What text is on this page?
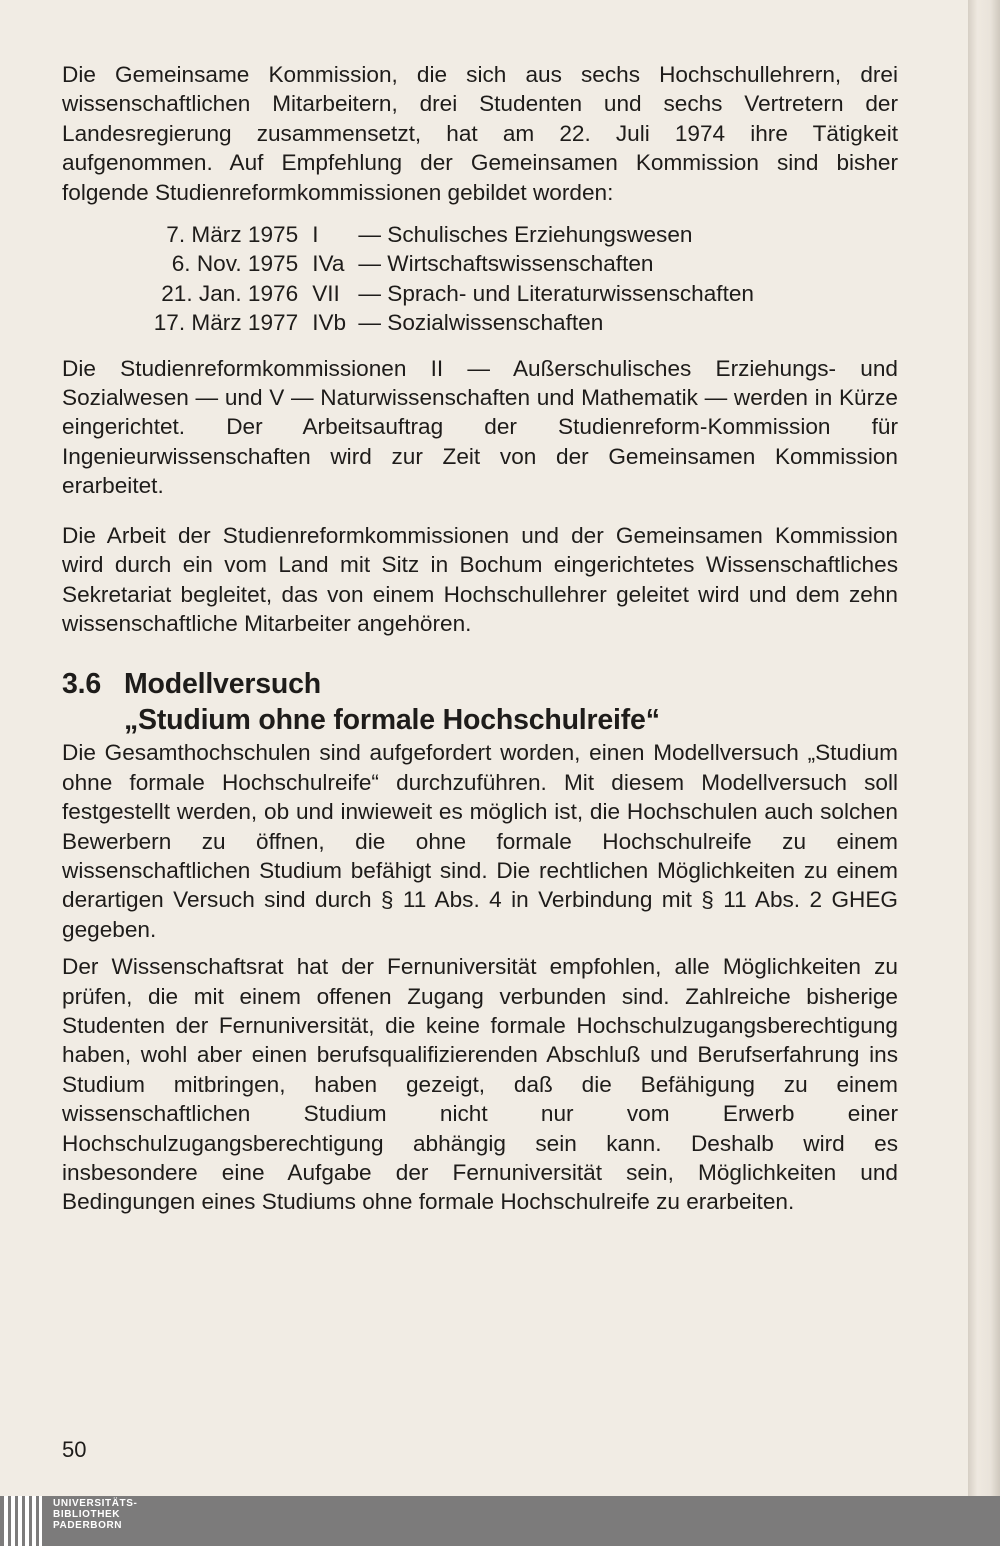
Die Gemeinsame Kommission, die sich aus sechs Hochschullehrern, drei wissenschaftlichen Mitarbeitern, drei Studenten und sechs Vertretern der Landesregierung zusammensetzt, hat am 22. Juli 1974 ihre Tätigkeit aufgenommen. Auf Empfehlung der Gemeinsamen Kommission sind bisher folgende Studienreformkommissionen gebildet worden:

7. März 1975	I	— Schulisches Erziehungswesen
6. Nov. 1975	IVa	— Wirtschaftswissenschaften
21. Jan. 1976	VII	— Sprach- und Literaturwissenschaften
17. März 1977	IVb	— Sozialwissenschaften

Die Studienreformkommissionen II — Außerschulisches Erziehungs- und Sozialwesen — und V — Naturwissenschaften und Mathematik — werden in Kürze eingerichtet. Der Arbeitsauftrag der Studienreform-Kommission für Ingenieurwissenschaften wird zur Zeit von der Gemeinsamen Kommission erarbeitet.

Die Arbeit der Studienreformkommissionen und der Gemeinsamen Kommission wird durch ein vom Land mit Sitz in Bochum eingerichtetes Wissenschaftliches Sekretariat begleitet, das von einem Hochschullehrer geleitet wird und dem zehn wissenschaftliche Mitarbeiter angehören.

3.6 Modellversuch
„Studium ohne formale Hochschulreife“

Die Gesamthochschulen sind aufgefordert worden, einen Modellversuch „Studium ohne formale Hochschulreife“ durchzuführen. Mit diesem Modellversuch soll festgestellt werden, ob und inwieweit es möglich ist, die Hochschulen auch solchen Bewerbern zu öffnen, die ohne formale Hochschulreife zu einem wissenschaftlichen Studium befähigt sind. Die rechtlichen Möglichkeiten zu einem derartigen Versuch sind durch § 11 Abs. 4 in Verbindung mit § 11 Abs. 2 GHEG gegeben.

Der Wissenschaftsrat hat der Fernuniversität empfohlen, alle Möglichkeiten zu prüfen, die mit einem offenen Zugang verbunden sind. Zahlreiche bisherige Studenten der Fernuniversität, die keine formale Hochschulzugangsberechtigung haben, wohl aber einen berufsqualifizierenden Abschluß und Berufserfahrung ins Studium mitbringen, haben gezeigt, daß die Befähigung zu einem wissenschaftlichen Studium nicht nur vom Erwerb einer Hochschulzugangsberechtigung abhängig sein kann. Deshalb wird es insbesondere eine Aufgabe der Fernuniversität sein, Möglichkeiten und Bedingungen eines Studiums ohne formale Hochschulreife zu erarbeiten.

50
UNIVERSITÄTS-
BIBLIOTHEK
PADERBORN
